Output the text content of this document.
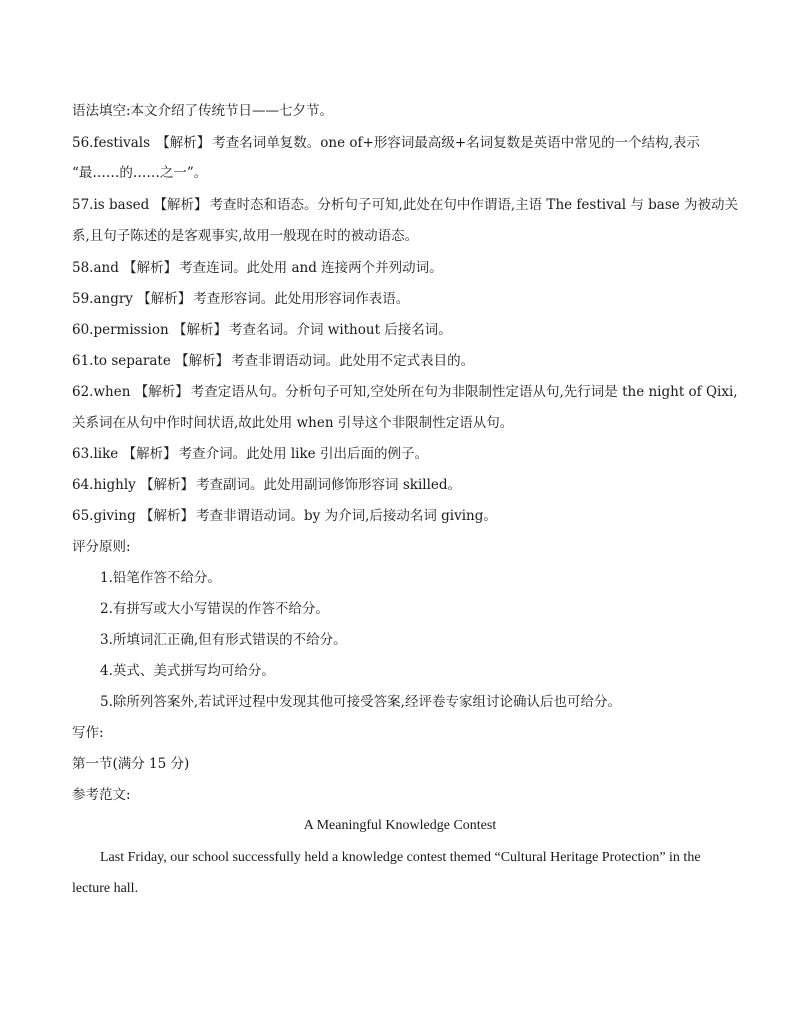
语法填空:本文介绍了传统节日——七夕节。
56.festivals 【解析】 考查名词单复数。one of+形容词最高级+名词复数是英语中常见的一个结构,表示
“最……的……之一”。
57.is based 【解析】 考查时态和语态。分析句子可知,此处在句中作谓语,主语 The festival 与 base 为被动关
系,且句子陈述的是客观事实,故用一般现在时的被动语态。
58.and 【解析】 考查连词。此处用 and 连接两个并列动词。
59.angry 【解析】 考查形容词。此处用形容词作表语。
60.permission 【解析】 考查名词。介词 without 后接名词。
61.to separate 【解析】 考查非谓语动词。此处用不定式表目的。
62.when 【解析】 考查定语从句。分析句子可知,空处所在句为非限制性定语从句,先行词是 the night of Qixi,
关系词在从句中作时间状语,故此处用 when 引导这个非限制性定语从句。
63.like 【解析】 考查介词。此处用 like 引出后面的例子。
64.highly 【解析】 考查副词。此处用副词修饰形容词 skilled。
65.giving 【解析】 考查非谓语动词。by 为介词,后接动名词 giving。
评分原则:
1.铅笔作答不给分。
2.有拼写或大小写错误的作答不给分。
3.所填词汇正确,但有形式错误的不给分。
4.英式、美式拼写均可给分。
5.除所列答案外,若试评过程中发现其他可接受答案,经评卷专家组讨论确认后也可给分。
写作:
第一节(满分 15 分)
参考范文:
A Meaningful Knowledge Contest
Last Friday, our school successfully held a knowledge contest themed “Cultural Heritage Protection” in the
lecture hall.
